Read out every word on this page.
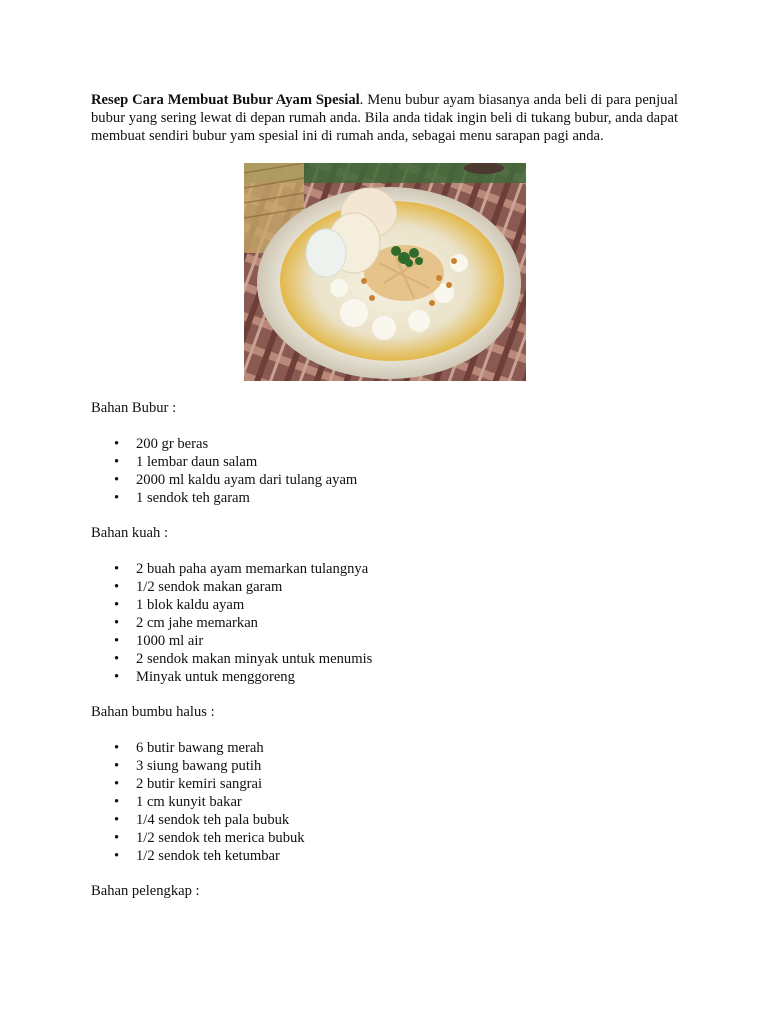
Resep Cara Membuat Bubur Ayam Spesial. Menu bubur ayam biasanya anda beli di para penjual bubur yang sering lewat di depan rumah anda. Bila anda tidak ingin beli di tukang bubur, anda dapat membuat sendiri bubur yam spesial ini di rumah anda, sebagai menu sarapan pagi anda.

Bahan Bubur :

• 200 gr beras
• 1 lembar daun salam
• 2000 ml kaldu ayam dari tulang ayam
• 1 sendok teh garam

Bahan kuah :

• 2 buah paha ayam memarkan tulangnya
• 1/2 sendok makan garam
• 1 blok kaldu ayam
• 2 cm jahe memarkan
• 1000 ml air
• 2 sendok makan minyak untuk menumis
• Minyak untuk menggoreng

Bahan bumbu halus :

• 6 butir bawang merah
• 3 siung bawang putih
• 2 butir kemiri sangrai
• 1 cm kunyit bakar
• 1/4 sendok teh pala bubuk
• 1/2 sendok teh merica bubuk
• 1/2 sendok teh ketumbar

Bahan pelengkap :
